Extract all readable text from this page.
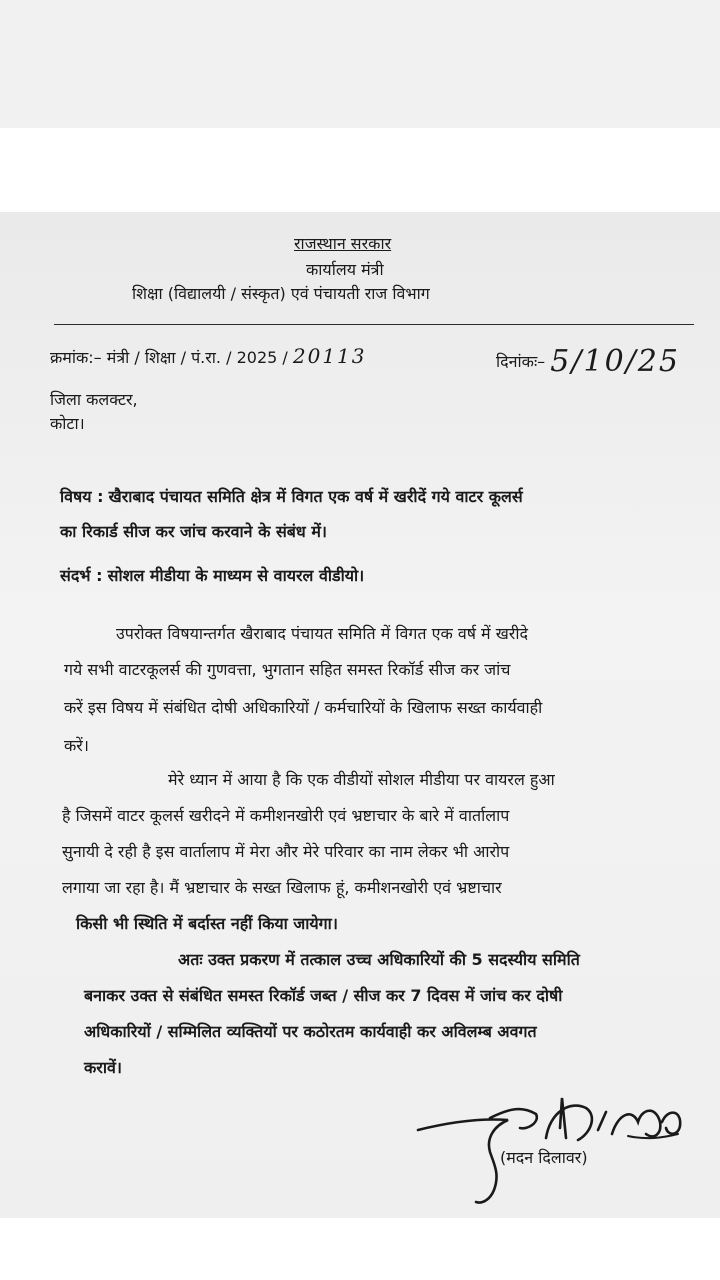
राजस्थान सरकार
कार्यालय मंत्री
शिक्षा (विद्यालयी / संस्कृत) एवं पंचायती राज विभाग
क्रमांक:– मंत्री / शिक्षा / पं.रा. / 2025 / 20113	दिनांकः– 5/10/25
जिला कलक्टर,
कोटा।
विषय : खैराबाद पंचायत समिति क्षेत्र में विगत एक वर्ष में खरीदें गये वाटर कूलर्स
का रिकार्ड सीज कर जांच करवाने के संबंध में।
संदर्भ : सोशल मीडीया के माध्यम से वायरल वीडीयो।
उपरोक्त विषयान्तर्गत खैराबाद पंचायत समिति में विगत एक वर्ष में खरीदे
गये सभी वाटरकूलर्स की गुणवत्ता, भुगतान सहित समस्त रिकॉर्ड सीज कर जांच
करें इस विषय में संबंधित दोषी अधिकारियों / कर्मचारियों के खिलाफ सख्त कार्यवाही
करें।
मेरे ध्यान में आया है कि एक वीडीयों सोशल मीडीया पर वायरल हुआ
है जिसमें वाटर कूलर्स खरीदने में कमीशनखोरी एवं भ्रष्टाचार के बारे में वार्तालाप
सुनायी दे रही है इस वार्तालाप में मेरा और मेरे परिवार का नाम लेकर भी आरोप
लगाया जा रहा है। मैं भ्रष्टाचार के सख्त खिलाफ हूं, कमीशनखोरी एवं भ्रष्टाचार
किसी भी स्थिति में बर्दास्त नहीं किया जायेगा।
अतः उक्त प्रकरण में तत्काल उच्च अधिकारियों की 5 सदस्यीय समिति
बनाकर उक्त से संबंधित समस्त रिकॉर्ड जब्त / सीज कर 7 दिवस में जांच कर दोषी
अधिकारियों / सम्मिलित व्यक्तियों पर कठोरतम कार्यवाही कर अविलम्ब अवगत
करावें।
(मदन दिलावर)
